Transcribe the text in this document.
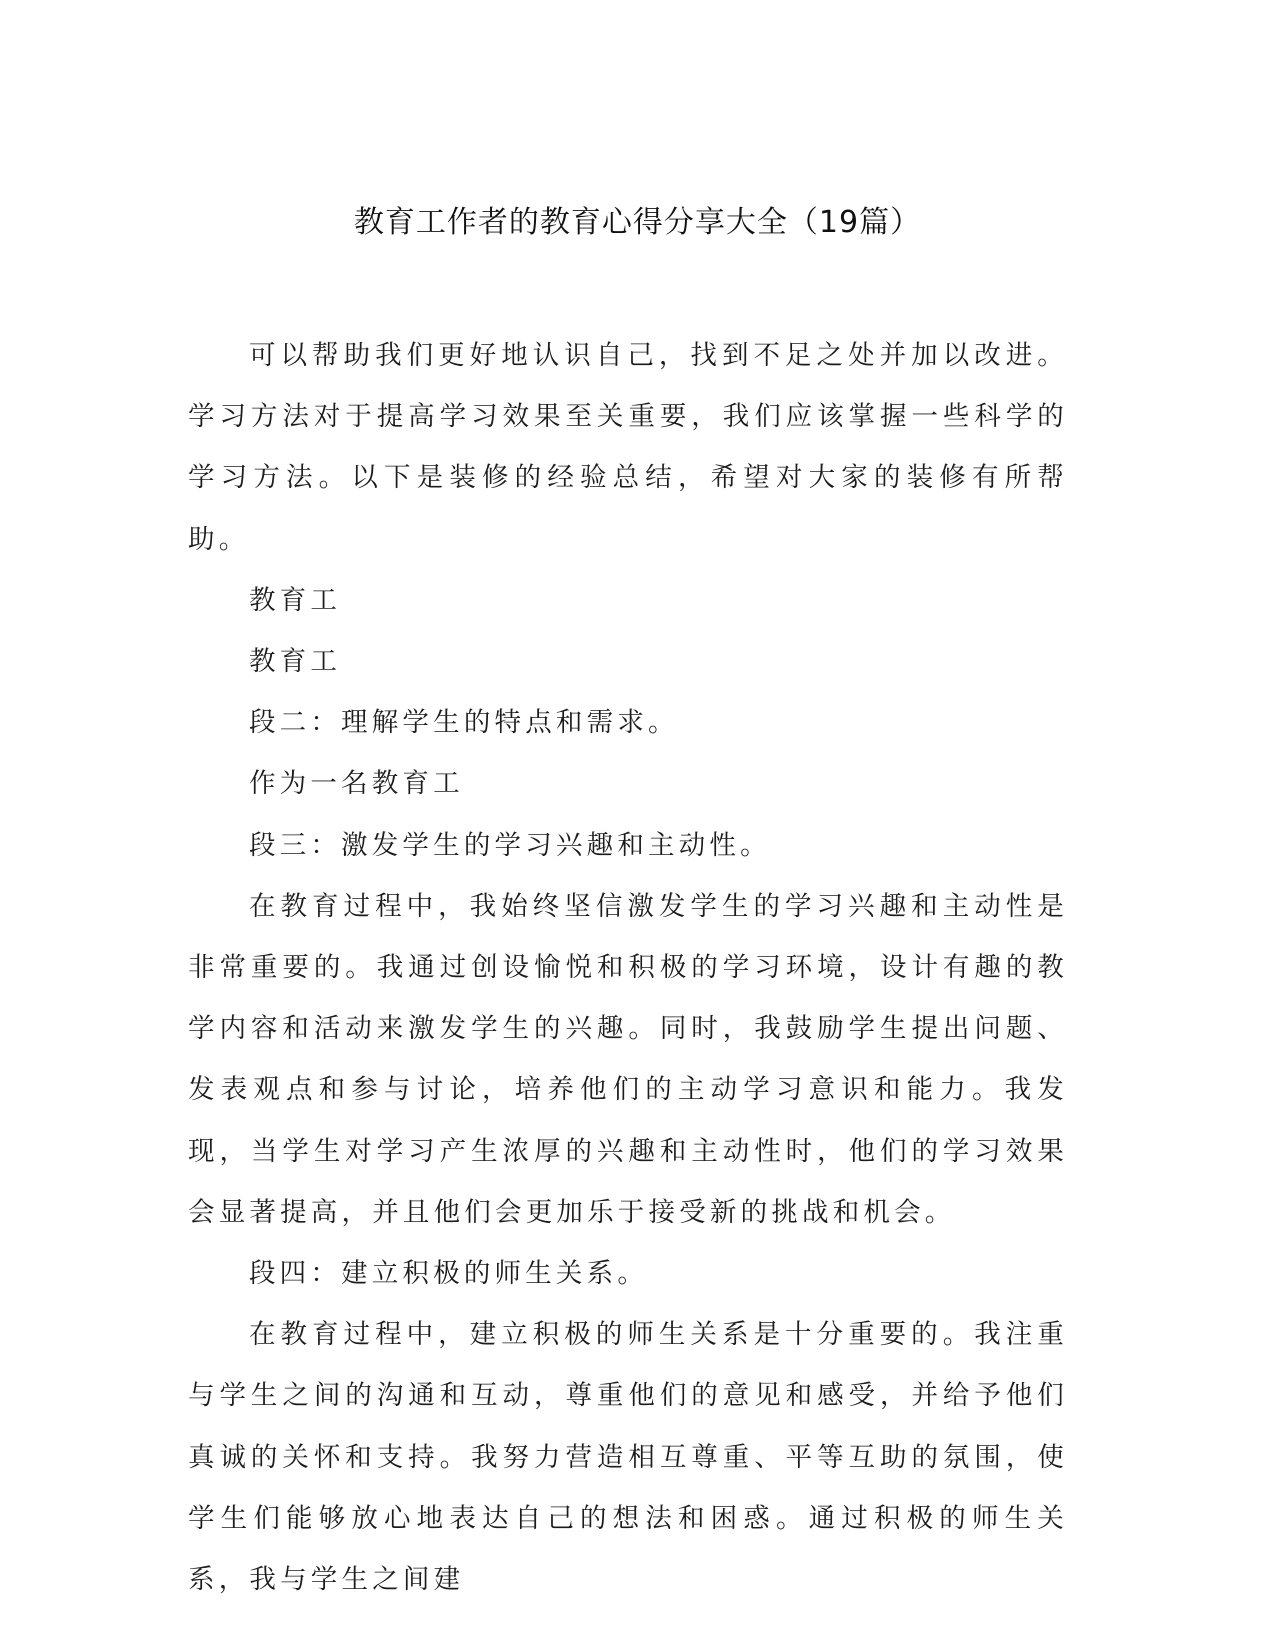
教育工作者的教育心得分享大全（19篇）

可以帮助我们更好地认识自己，找到不足之处并加以改进。学习方法对于提高学习效果至关重要，我们应该掌握一些科学的学习方法。以下是装修的经验总结，希望对大家的装修有所帮助。

教育工

教育工

段二：理解学生的特点和需求。

作为一名教育工

段三：激发学生的学习兴趣和主动性。

在教育过程中，我始终坚信激发学生的学习兴趣和主动性是非常重要的。我通过创设愉悦和积极的学习环境，设计有趣的教学内容和活动来激发学生的兴趣。同时，我鼓励学生提出问题、发表观点和参与讨论，培养他们的主动学习意识和能力。我发现，当学生对学习产生浓厚的兴趣和主动性时，他们的学习效果会显著提高，并且他们会更加乐于接受新的挑战和机会。

段四：建立积极的师生关系。

在教育过程中，建立积极的师生关系是十分重要的。我注重与学生之间的沟通和互动，尊重他们的意见和感受，并给予他们真诚的关怀和支持。我努力营造相互尊重、平等互助的氛围，使学生们能够放心地表达自己的想法和困惑。通过积极的师生关系，我与学生之间建
